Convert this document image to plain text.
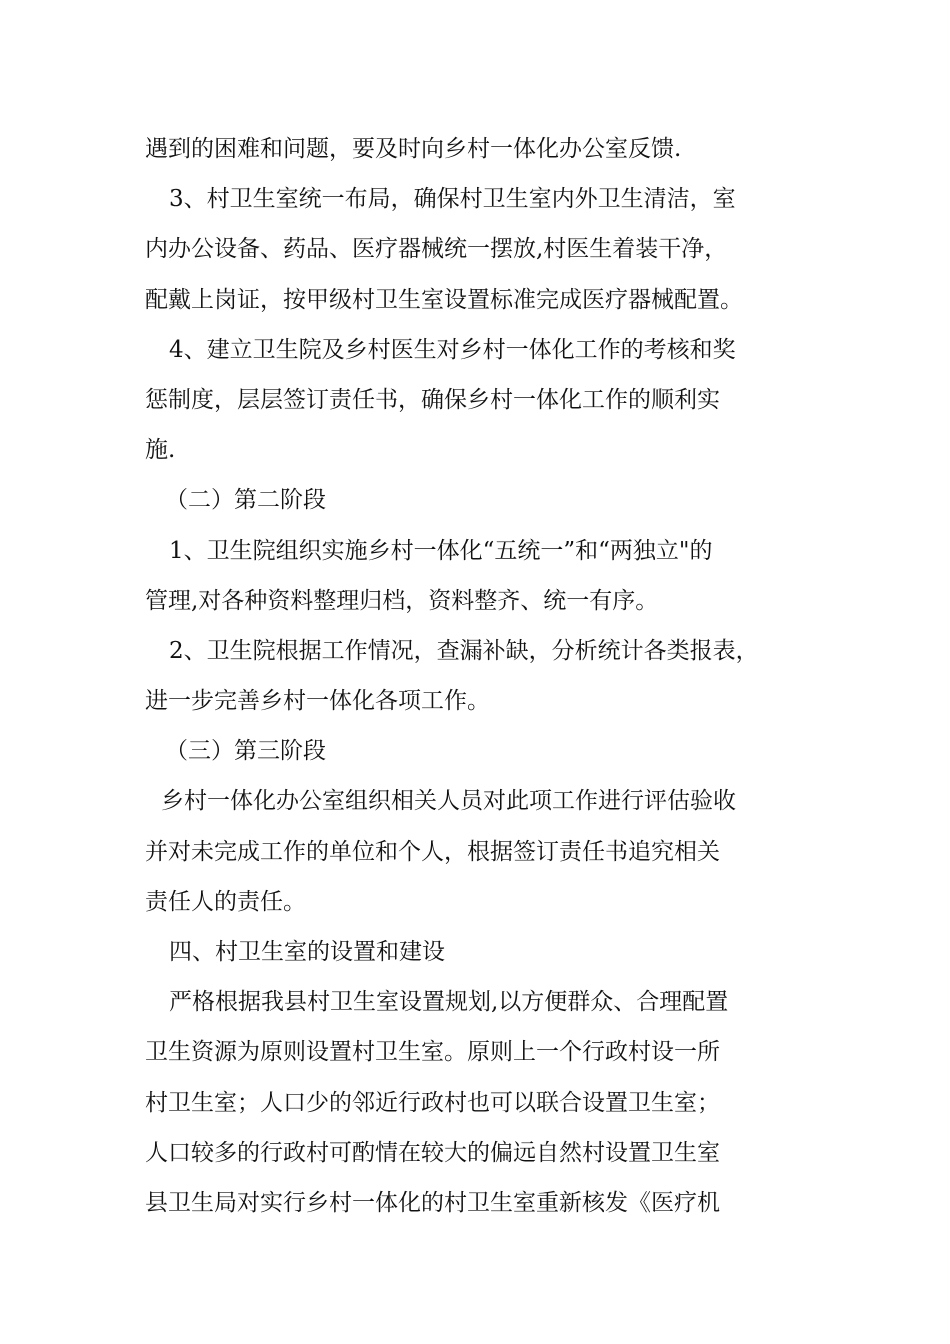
遇到的困难和问题，要及时向乡村一体化办公室反馈.
3、村卫生室统一布局，确保村卫生室内外卫生清洁，室
内办公设备、药品、医疗器械统一摆放,村医生着装干净，
配戴上岗证，按甲级村卫生室设置标准完成医疗器械配置。
4、建立卫生院及乡村医生对乡村一体化工作的考核和奖
惩制度，层层签订责任书，确保乡村一体化工作的顺利实
施.
（二）第二阶段
1、卫生院组织实施乡村一体化“五统一”和“两独立"的
管理,对各种资料整理归档，资料整齐、统一有序。
2、卫生院根据工作情况，查漏补缺，分析统计各类报表，
进一步完善乡村一体化各项工作。
（三）第三阶段
乡村一体化办公室组织相关人员对此项工作进行评估验收
并对未完成工作的单位和个人，根据签订责任书追究相关
责任人的责任。
四、村卫生室的设置和建设
严格根据我县村卫生室设置规划,以方便群众、合理配置
卫生资源为原则设置村卫生室。原则上一个行政村设一所
村卫生室；人口少的邻近行政村也可以联合设置卫生室；
人口较多的行政村可酌情在较大的偏远自然村设置卫生室
县卫生局对实行乡村一体化的村卫生室重新核发《医疗机
